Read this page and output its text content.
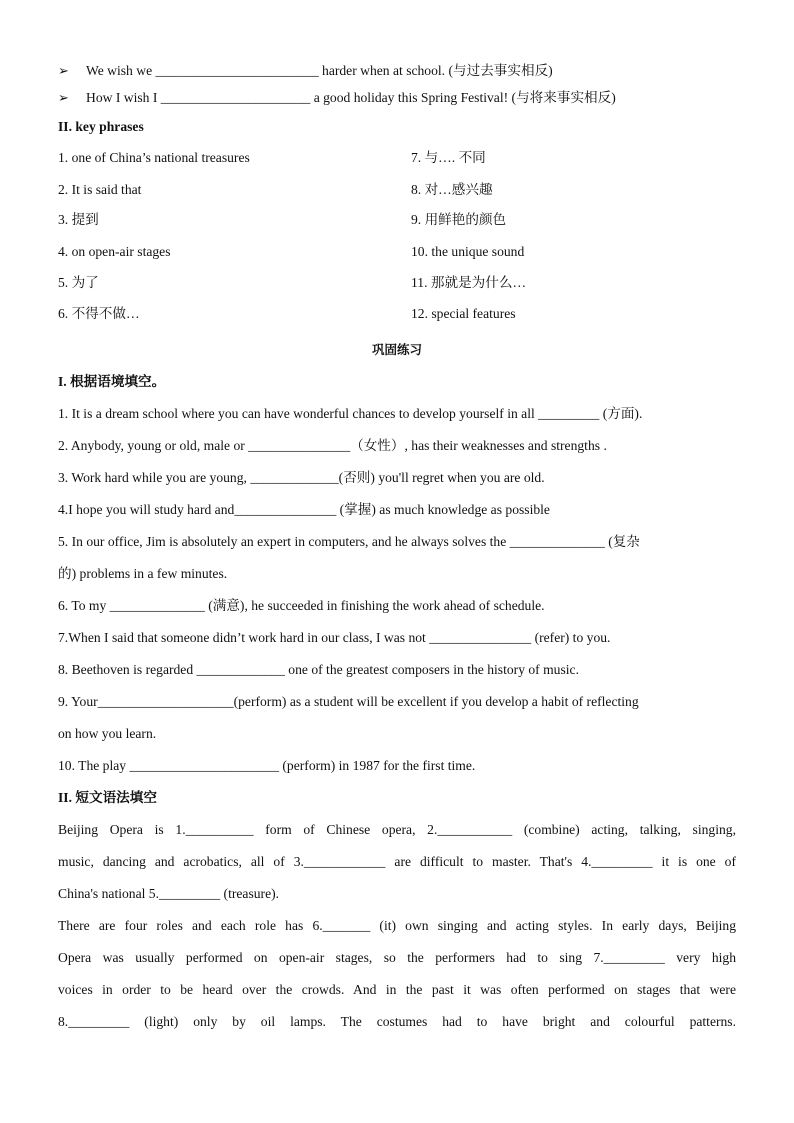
➢ We wish we ________________________ harder when at school. (与过去事实相反)
➢ How I wish I ______________________ a good holiday this Spring Festival! (与将来事实相反)
II. key phrases
1. one of China’s national treasures
2. It is said that
3. 提到
4. on open-air stages
5. 为了
6. 不得不做…
7. 与…. 不同
8. 对…感兴趣
9. 用鲜艳的颜色
10. the unique sound
11. 那就是为什么…
12. special features
巩固练习
I. 根据语境填空。
1. It is a dream school where you can have wonderful chances to develop yourself in all _________ (方面).
2. Anybody, young or old, male or _______________（女性）, has their weaknesses and strengths .
3. Work hard while you are young, _____________(否则) you'll regret when you are old.
4.I hope you will study hard and_______________ (掌握) as much knowledge as possible
5. In our office, Jim is absolutely an expert in computers, and he always solves the ______________ (复杂
的) problems in a few minutes.
6. To my ______________ (满意), he succeeded in finishing the work ahead of schedule.
7.When I said that someone didn’t work hard in our class, I was not _______________ (refer) to you.
8. Beethoven is regarded _____________ one of the greatest composers in the history of music.
9. Your____________________(perform) as a student will be excellent if you develop a habit of reflecting
on how you learn.
10. The play ______________________ (perform) in 1987 for the first time.
II. 短文语法填空
Beijing Opera is 1.__________ form of Chinese opera, 2.___________ (combine) acting, talking, singing,
music, dancing and acrobatics, all of 3.____________ are difficult to master. That's 4._________ it is one of
China's national 5._________ (treasure).
There are four roles and each role has 6._______ (it) own singing and acting styles. In early days, Beijing
Opera was usually performed on open-air stages, so the performers had to sing 7._________ very high
voices in order to be heard over the crowds. And in the past it was often performed on stages that were
8._________ (light) only by oil lamps. The costumes had to have bright and colourful patterns.
